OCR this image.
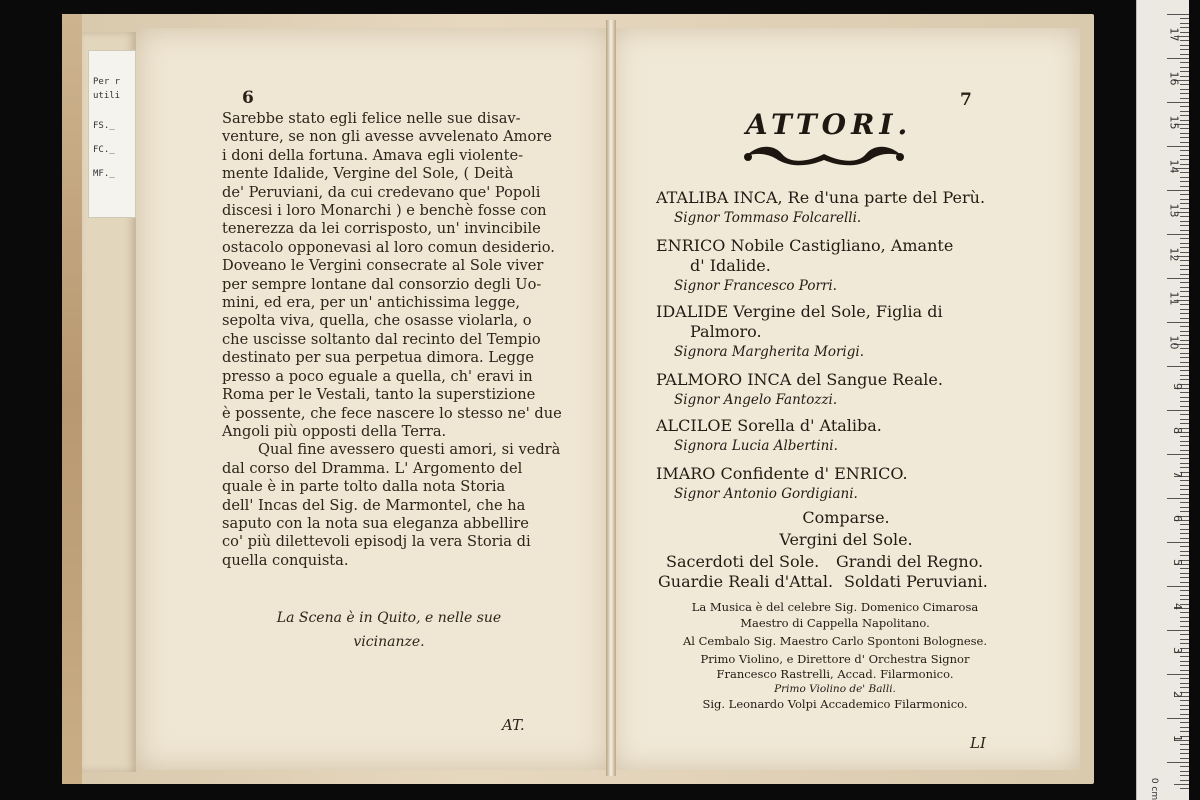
Per r
utili
FS._
FC._
MF._
6

Sarebbe stato egli felice nelle sue disav-

venture, se non gli avesse avvelenato Amore

i doni della fortuna. Amava egli violente-

mente Idalide, Vergine del Sole, ( Deità

de' Peruviani, da cui credevano que' Popoli

discesi i loro Monarchi ) e benchè fosse con

tenerezza da lei corrisposto, un' invincibile

ostacolo opponevasi al loro comun desiderio.

Doveano le Vergini consecrate al Sole viver

per sempre lontane dal consorzio degli Uo-

mini, ed era, per un' antichissima legge,

sepolta viva, quella, che osasse violarla, o

che uscisse soltanto dal recinto del Tempio

destinato per sua perpetua dimora. Legge

presso a poco eguale a quella, ch' eravi in

Roma per le Vestali, tanto la superstizione

è possente, che fece nascere lo stesso ne' due

Angoli più opposti della Terra.

Qual fine avessero questi amori, si vedrà

dal corso del Dramma. L' Argomento del

quale è in parte tolto dalla nota Storia

dell' Incas del Sig. de Marmontel, che ha

saputo con la nota sua eleganza abbellire

co' più dilettevoli episodj la vera Storia di

quella conquista.

La Scena è in Quito, e nelle sue
vicinanze.
AT.
7
ATTORI.
ATALIBA INCA, Re d'una parte del Perù.
Signor Tommaso Folcarelli.
ENRICO Nobile Castigliano, Amante
d' Idalide.
Signor Francesco Porri.
IDALIDE Vergine del Sole, Figlia di
Palmoro.
Signora Margherita Morigi.
PALMORO INCA del Sangue Reale.
Signor Angelo Fantozzi.
ALCILOE Sorella d' Ataliba.
Signora Lucia Albertini.
IMARO Confidente d' ENRICO.
Signor Antonio Gordigiani.
Comparse.
Vergini del Sole.
Sacerdoti del Sole. Grandi del Regno.
Guardie Reali d'Attal. Soldati Peruviani.
La Musica è del celebre Sig. Domenico Cimarosa
Maestro di Cappella Napolitano.
Al Cembalo Sig. Maestro Carlo Spontoni Bolognese.
Primo Violino, e Direttore d' Orchestra Signor
Francesco Rastrelli, Accad. Filarmonico.
Primo Violino de' Balli.
Sig. Leonardo Volpi Accademico Filarmonico.
LI
17
16
15
14
13
12
11
10
9
8
7
6
5
4
3
2
1
0 cm
